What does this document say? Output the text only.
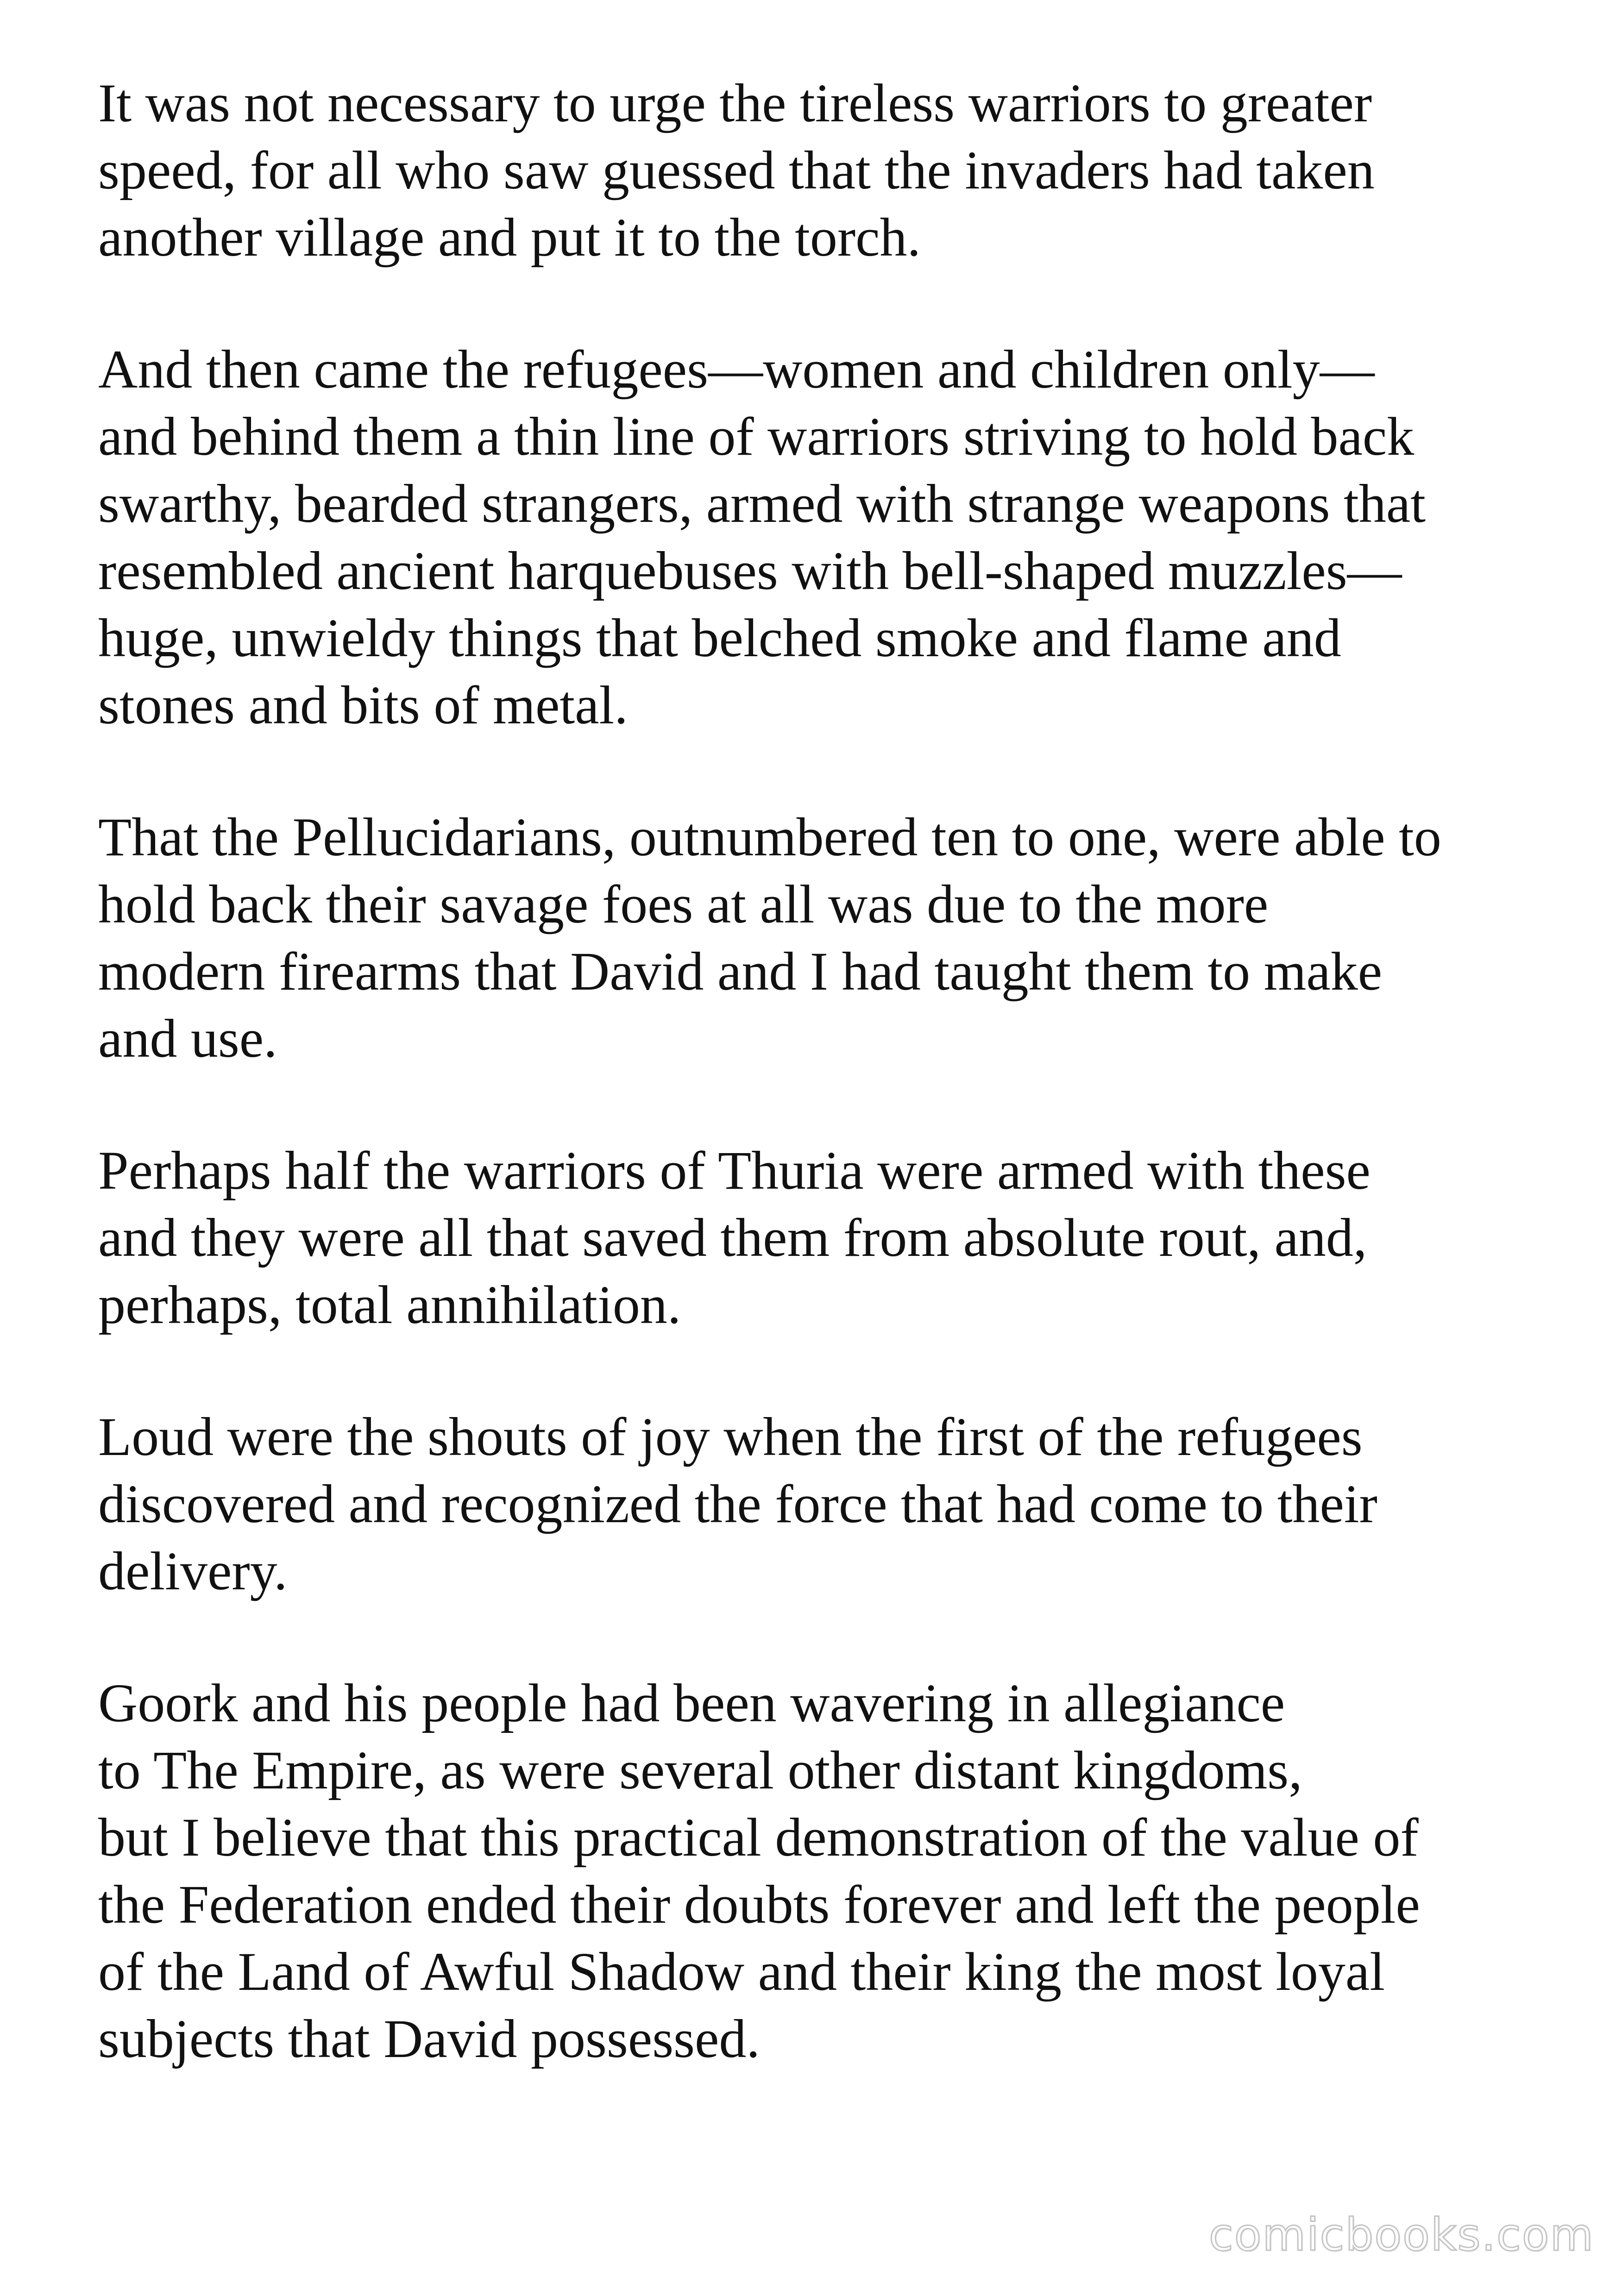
It was not necessary to urge the tireless warriors to greater
speed, for all who saw guessed that the invaders had taken
another village and put it to the torch.

And then came the refugees—women and children only—
and behind them a thin line of warriors striving to hold back
swarthy, bearded strangers, armed with strange weapons that
resembled ancient harquebuses with bell-shaped muzzles—
huge, unwieldy things that belched smoke and flame and
stones and bits of metal.

That the Pellucidarians, outnumbered ten to one, were able to
hold back their savage foes at all was due to the more
modern firearms that David and I had taught them to make
and use.

Perhaps half the warriors of Thuria were armed with these
and they were all that saved them from absolute rout, and,
perhaps, total annihilation.

Loud were the shouts of joy when the first of the refugees
discovered and recognized the force that had come to their
delivery.

Goork and his people had been wavering in allegiance
to The Empire, as were several other distant kingdoms,
but I believe that this practical demonstration of the value of
the Federation ended their doubts forever and left the people
of the Land of Awful Shadow and their king the most loyal
subjects that David possessed.

comicbooks.com
